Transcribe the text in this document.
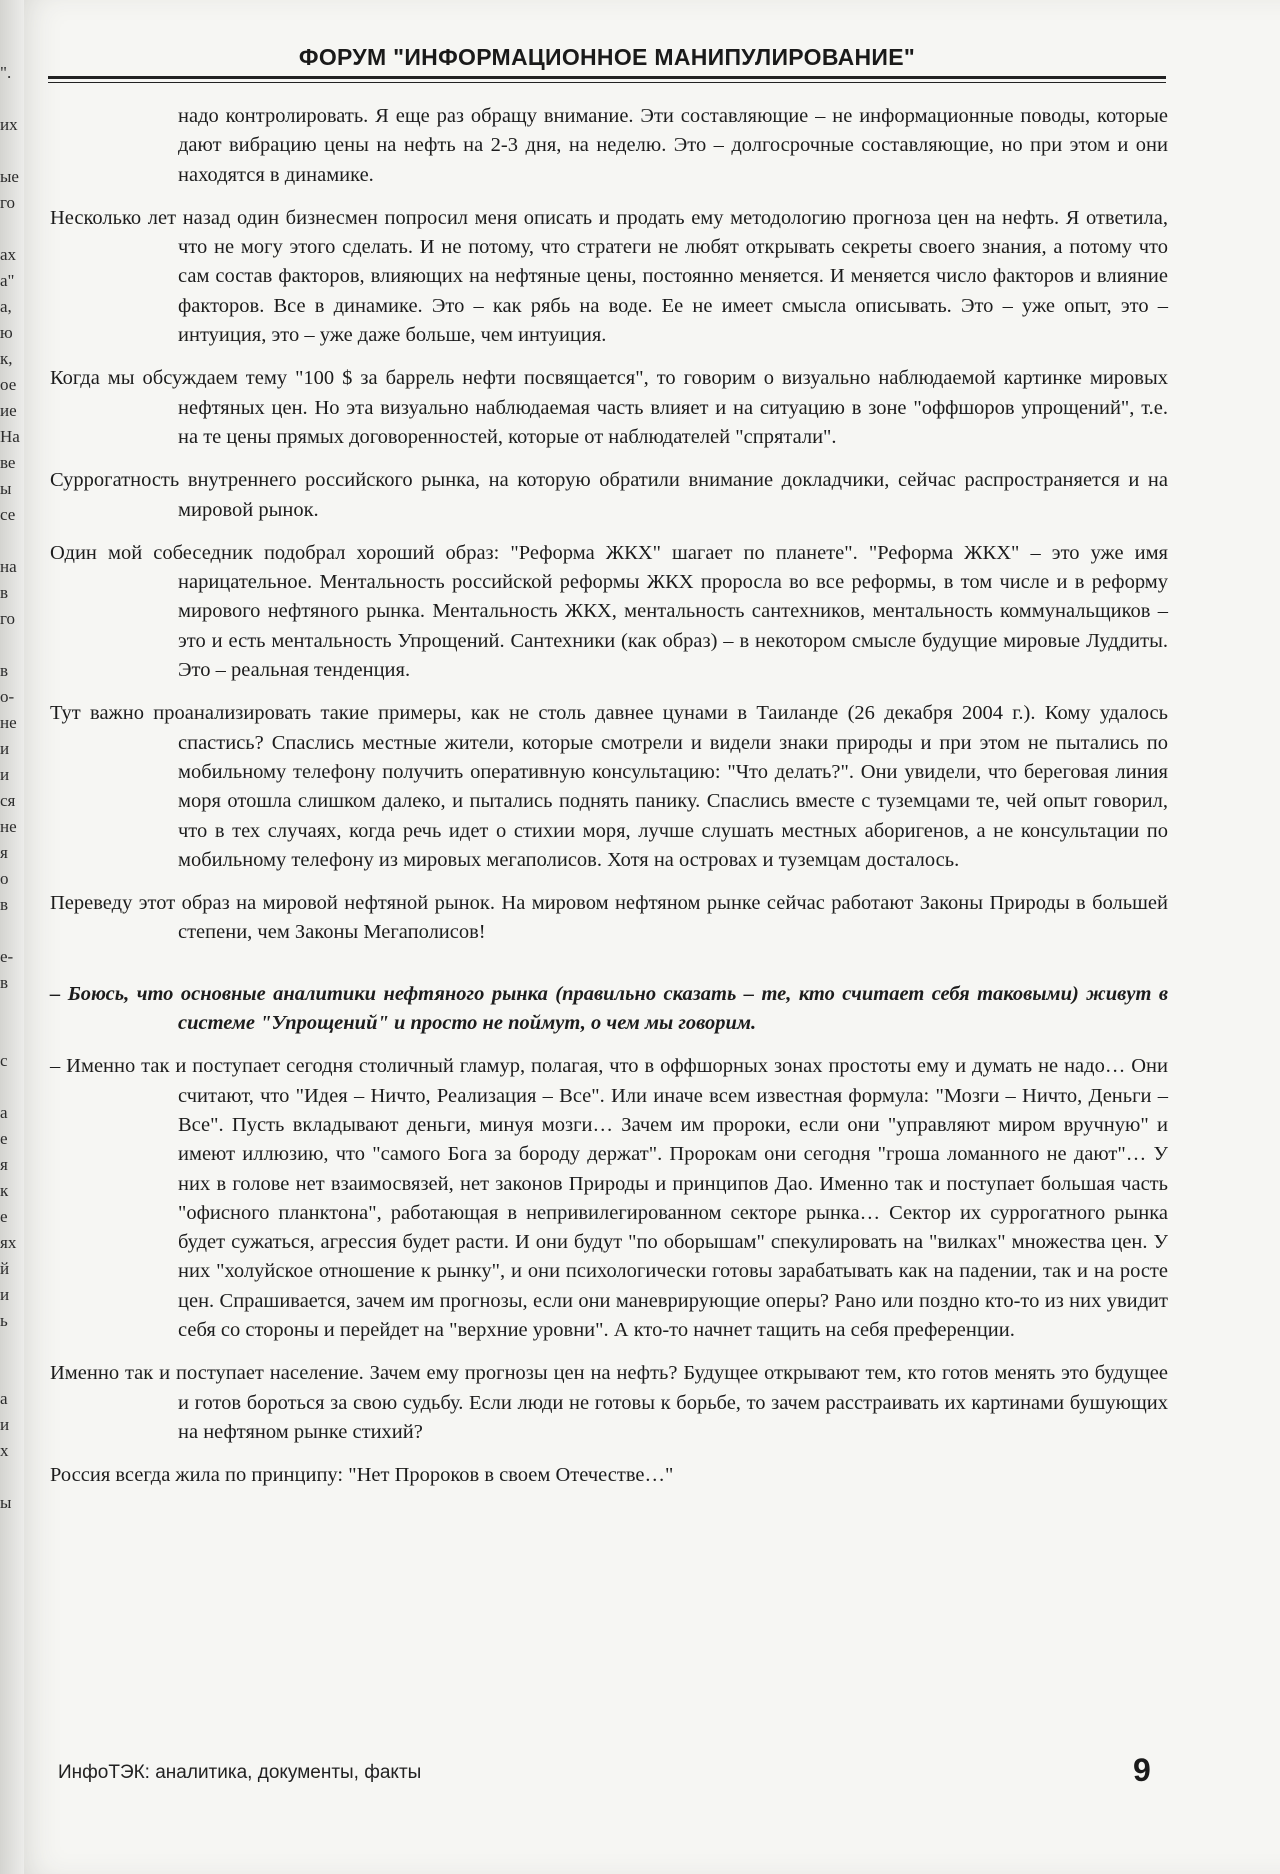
".

их

ые
го

ах
а"
а,
ю
к,
ое
ие
На
ве
ы
се

на
в
го

в
о-
не
и
и
ся
не
я
о
в

е-
в

с

а
е
я
к
е
ях
й
и
ь

а
и
х

ы
ФОРУМ "ИНФОРМАЦИОННОЕ МАНИПУЛИРОВАНИЕ"

надо контролировать. Я еще раз обращу внимание. Эти составляющие – не информационные поводы, которые дают вибрацию цены на нефть на 2-3 дня, на неделю. Это – долгосрочные составляющие, но при этом и они находятся в динамике.

Несколько лет назад один бизнесмен попросил меня описать и продать ему методологию прогноза цен на нефть. Я ответила, что не могу этого сделать. И не потому, что стратеги не любят открывать секреты своего знания, а потому что сам состав факторов, влияющих на нефтяные цены, постоянно меняется. И меняется число факторов и влияние факторов. Все в динамике. Это – как рябь на воде. Ее не имеет смысла описывать. Это – уже опыт, это – интуиция, это – уже даже больше, чем интуиция.

Когда мы обсуждаем тему "100 $ за баррель нефти посвящается", то говорим о визуально наблюдаемой картинке мировых нефтяных цен. Но эта визуально наблюдаемая часть влияет и на ситуацию в зоне "оффшоров упрощений", т.е. на те цены прямых договоренностей, которые от наблюдателей "спрятали".

Суррогатность внутреннего российского рынка, на которую обратили внимание докладчики, сейчас распространяется и на мировой рынок.

Один мой собеседник подобрал хороший образ: "Реформа ЖКХ" шагает по планете". "Реформа ЖКХ" – это уже имя нарицательное. Ментальность российской реформы ЖКХ проросла во все реформы, в том числе и в реформу мирового нефтяного рынка. Ментальность ЖКХ, ментальность сантехников, ментальность коммунальщиков – это и есть ментальность Упрощений. Сантехники (как образ) – в некотором смысле будущие мировые Луддиты. Это – реальная тенденция.

Тут важно проанализировать такие примеры, как не столь давнее цунами в Таиланде (26 декабря 2004 г.). Кому удалось спастись? Спаслись местные жители, которые смотрели и видели знаки природы и при этом не пытались по мобильному телефону получить оперативную консультацию: "Что делать?". Они увидели, что береговая линия моря отошла слишком далеко, и пытались поднять панику. Спаслись вместе с туземцами те, чей опыт говорил, что в тех случаях, когда речь идет о стихии моря, лучше слушать местных аборигенов, а не консультации по мобильному телефону из мировых мегаполисов. Хотя на островах и туземцам досталось.

Переведу этот образ на мировой нефтяной рынок. На мировом нефтяном рынке сейчас работают Законы Природы в большей степени, чем Законы Мегаполисов!

– Боюсь, что основные аналитики нефтяного рынка (правильно сказать – те, кто считает себя таковыми) живут в системе "Упрощений" и просто не поймут, о чем мы говорим.

– Именно так и поступает сегодня столичный гламур, полагая, что в оффшорных зонах простоты ему и думать не надо… Они считают, что "Идея – Ничто, Реализация – Все". Или иначе всем известная формула: "Мозги – Ничто, Деньги – Все". Пусть вкладывают деньги, минуя мозги… Зачем им пророки, если они "управляют миром вручную" и имеют иллюзию, что "самого Бога за бороду держат". Пророкам они сегодня "гроша ломанного не дают"… У них в голове нет взаимосвязей, нет законов Природы и принципов Дао. Именно так и поступает большая часть "офисного планктона", работающая в непривилегированном секторе рынка… Сектор их суррогатного рынка будет сужаться, агрессия будет расти. И они будут "по оборышам" спекулировать на "вилках" множества цен. У них "холуйское отношение к рынку", и они психологически готовы зарабатывать как на падении, так и на росте цен. Спрашивается, зачем им прогнозы, если они маневрирующие оперы? Рано или поздно кто-то из них увидит себя со стороны и перейдет на "верхние уровни". А кто-то начнет тащить на себя преференции.

Именно так и поступает население. Зачем ему прогнозы цен на нефть? Будущее открывают тем, кто готов менять это будущее и готов бороться за свою судьбу. Если люди не готовы к борьбе, то зачем расстраивать их картинами бушующих на нефтяном рынке стихий?

Россия всегда жила по принципу: "Нет Пророков в своем Отечестве…"

ИнфоТЭК: аналитика, документы, факты	9
